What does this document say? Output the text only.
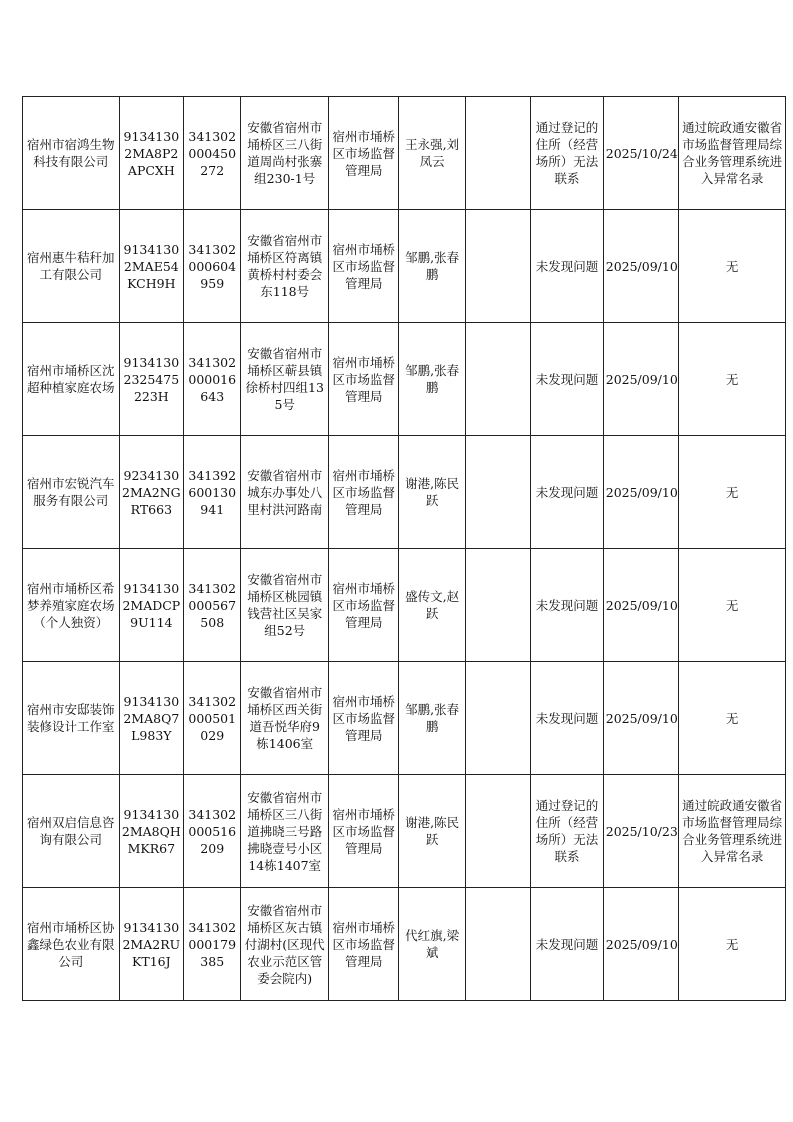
宿州市宿鸿生物科技有限公司	91341302MA8P2APCXH	341302000450272	安徽省宿州市埇桥区三八街道周尚村张寨组230-1号	宿州市埇桥区市场监督管理局	王永强,刘凤云		通过登记的住所（经营场所）无法联系	2025/10/24	通过皖政通安徽省市场监督管理局综合业务管理系统进入异常名录

宿州惠牛秸秆加工有限公司	91341302MAE54KCH9H	341302000604959	安徽省宿州市埇桥区符离镇黄桥村村委会东118号	宿州市埇桥区市场监督管理局	邹鹏,张春鹏		未发现问题	2025/09/10	无

宿州市埇桥区沈超种植家庭农场	91341302325475223H	341302000016643	安徽省宿州市埇桥区蕲县镇徐桥村四组135号	宿州市埇桥区市场监督管理局	邹鹏,张春鹏		未发现问题	2025/09/10	无

宿州市宏锐汽车服务有限公司	92341302MA2NGRT663	341392600130941	安徽省宿州市城东办事处八里村洪河路南	宿州市埇桥区市场监督管理局	谢港,陈民跃		未发现问题	2025/09/10	无

宿州市埇桥区希梦养殖家庭农场（个人独资）	91341302MADCP9U114	341302000567508	安徽省宿州市埇桥区桃园镇钱营社区吴家组52号	宿州市埇桥区市场监督管理局	盛传文,赵跃		未发现问题	2025/09/10	无

宿州市安邸装饰装修设计工作室	91341302MA8Q7L983Y	341302000501029	安徽省宿州市埇桥区西关街道吾悦华府9栋1406室	宿州市埇桥区市场监督管理局	邹鹏,张春鹏		未发现问题	2025/09/10	无

宿州双启信息咨询有限公司	91341302MA8QHMKR67	341302000516209	安徽省宿州市埇桥区三八街道拂晓三号路拂晓壹号小区14栋1407室	宿州市埇桥区市场监督管理局	谢港,陈民跃		通过登记的住所（经营场所）无法联系	2025/10/23	通过皖政通安徽省市场监督管理局综合业务管理系统进入异常名录

宿州市埇桥区协鑫绿色农业有限公司	91341302MA2RUKT16J	341302000179385	安徽省宿州市埇桥区灰古镇付湖村(区现代农业示范区管委会院内)	宿州市埇桥区市场监督管理局	代红旗,梁斌		未发现问题	2025/09/10	无
